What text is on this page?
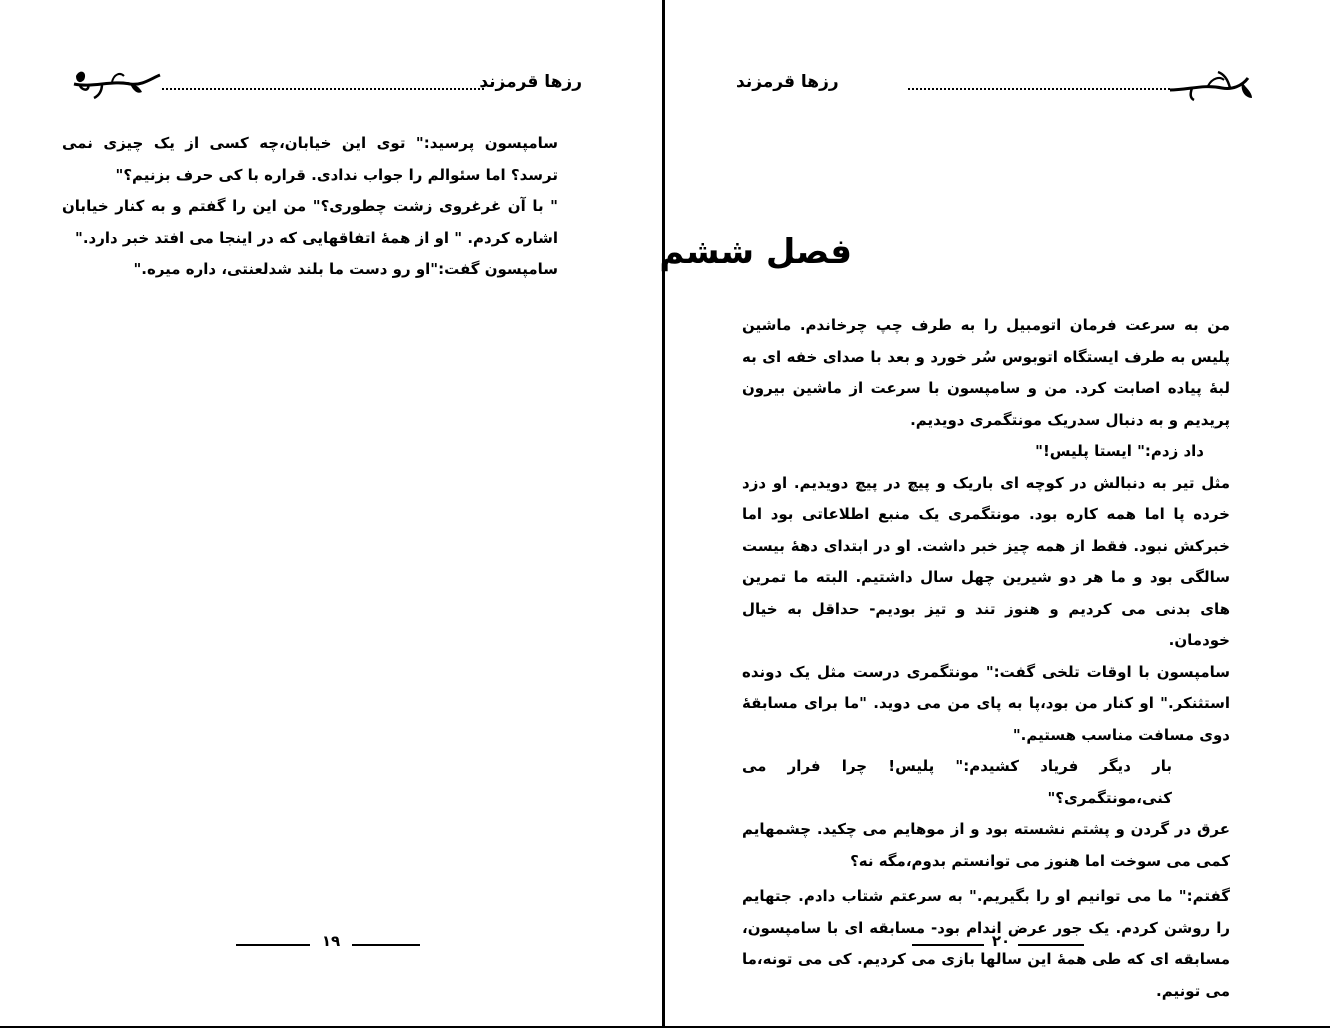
رزها قرمزند

سامپسون پرسید:" توی این خیابان،چه کسی از یک چیزی نمی ترسد؟ اما سئوالم را جواب ندادی. قراره با کی حرف بزنیم؟"

" با آن غرغروی زشت چطوری؟" من این را گفتم و به کنار خیابان اشاره کردم. " او از همهٔ اتفاقهایی که در اینجا می افتد خبر دارد."

سامپسون گفت:"او رو دست ما بلند شدلعنتی، داره میره."

۱۹
رزها قرمزند
فصل ششم

من به سرعت فرمان اتومبیل را به طرف چپ چرخاندم. ماشین پلیس به طرف ایستگاه اتوبوس سُر خورد و بعد با صدای خفه ای به لبهٔ پیاده اصابت کرد. من و سامپسون با سرعت از ماشین بیرون پریدیم و به دنبال سدریک مونتگمری دویدیم.

داد زدم:" ایستا پلیس!"

مثل تیر به دنبالش در کوچه ای باریک و پیچ در پیچ دویدیم. او دزد خرده پا اما همه کاره بود. مونتگمری یک منبع اطلاعاتی بود اما خبرکش نبود. فقط از همه چیز خبر داشت. او در ابتدای دههٔ بیست سالگی بود و ما هر دو شیرین چهل سال داشتیم. البته ما تمرین های بدنی می کردیم و هنوز تند و تیز بودیم- حداقل به خیال خودمان.

سامپسون با اوقات تلخی گفت:" مونتگمری درست مثل یک دونده استثنکر." او کنار من بود،پا به پای من می دوید. "ما برای مسابقهٔ دوی مسافت مناسب هستیم."

بار دیگر فریاد کشیدم:" پلیس! چرا فرار می کنی،مونتگمری؟"

عرق در گردن و پشتم نشسته بود و از موهایم می چکید. چشمهایم کمی می سوخت اما هنوز می توانستم بدوم،مگه نه؟

گفتم:" ما می توانیم او را بگیریم." به سرعتم شتاب دادم. جتهایم را روشن کردم. یک جور عرض اندام بود- مسابقه ای با سامپسون، مسابقه ای که طی همهٔ این سالها بازی می کردیم. کی می تونه،ما می تونیم.

۲۰
